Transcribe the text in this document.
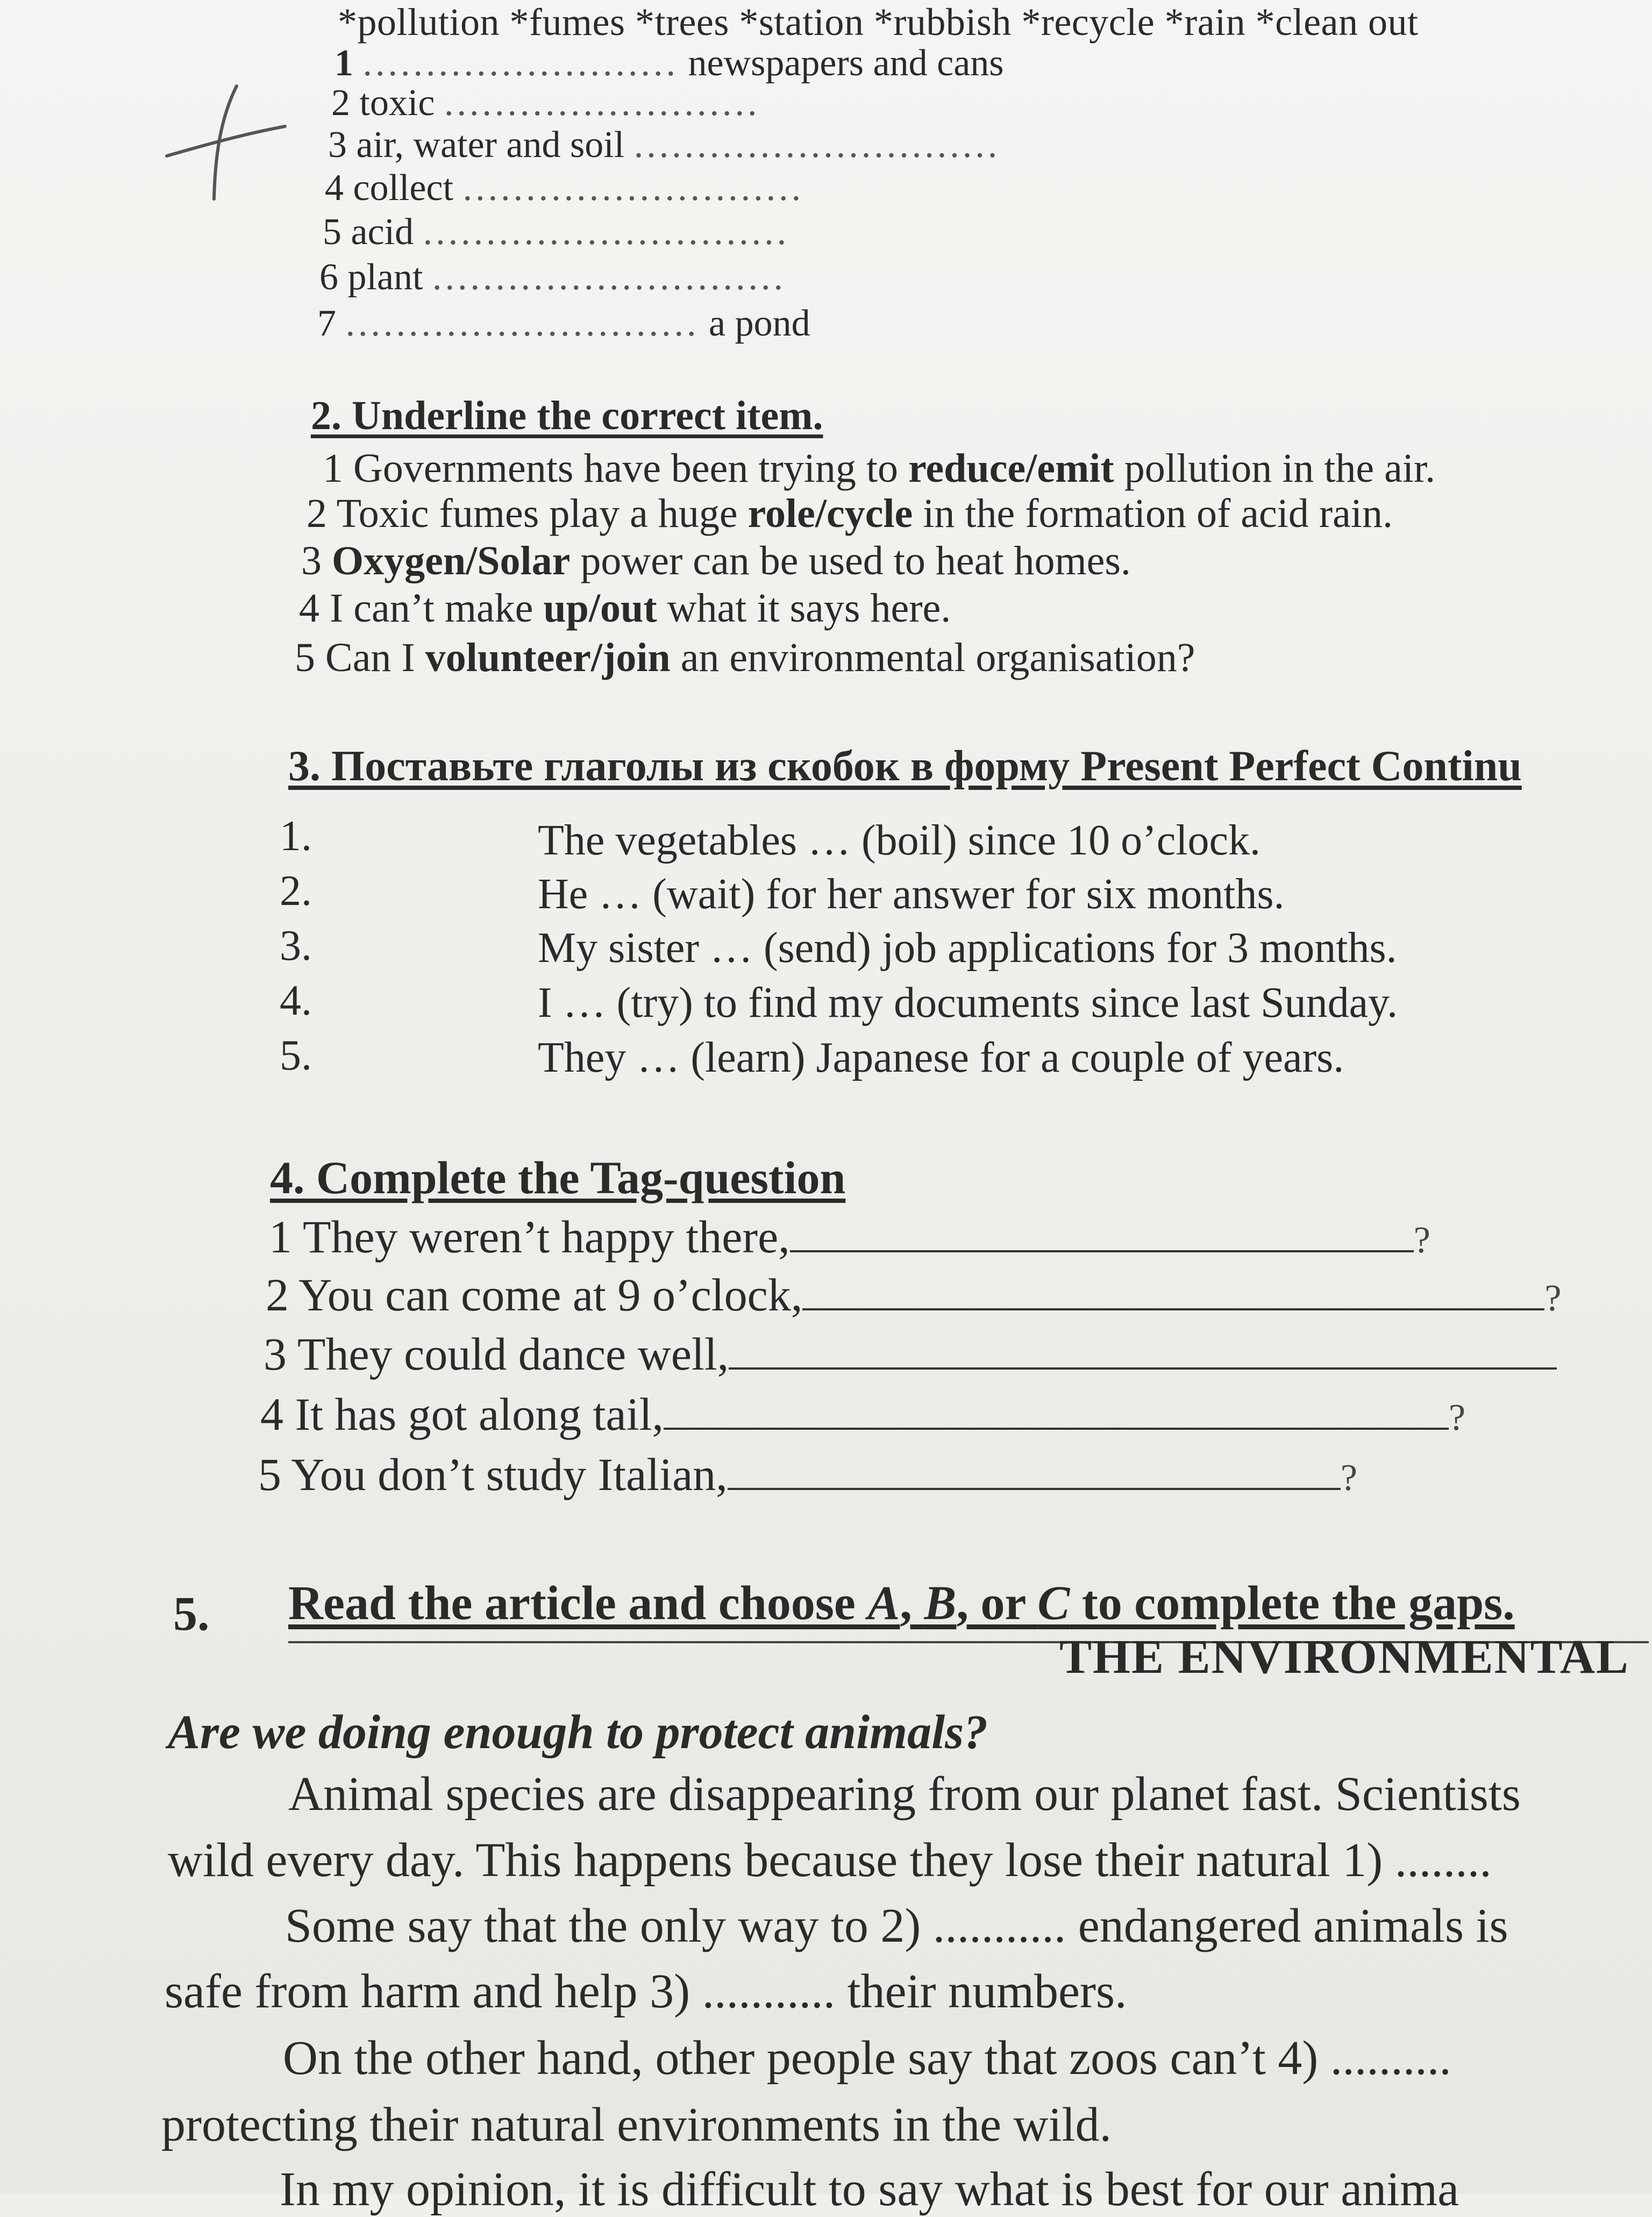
*pollution *fumes *trees *station *rubbish *recycle *rain *clean out
1 ......................... newspapers and cans
2 toxic .........................
3 air, water and soil .............................
4 collect ...........................
5 acid .............................
6 plant ............................
7 ............................ a pond
2. Underline the correct item.
1 Governments have been trying to reduce/emit pollution in the air.
2 Toxic fumes play a huge role/cycle in the formation of acid rain.
3 Oxygen/Solar power can be used to heat homes.
4 I can’t make up/out what it says here.
5 Can I volunteer/join an environmental organisation?
3. Поставьте глаголы из скобок в форму Present Perfect Continu
1.	The vegetables … (boil) since 10 o’clock.
2.	He … (wait) for her answer for six months.
3.	My sister … (send) job applications for 3 months.
4.	I … (try) to find my documents since last Sunday.
5.	They … (learn) Japanese for a couple of years.
4. Complete the Tag-question
1 They weren’t happy there,	?
2 You can come at 9 o’clock,	?
3 They could dance well,
4 It has got along tail,	?
5 You don’t study Italian,	?
5. Read the article and choose A, B, or C to complete the gaps.
THE ENVIRONMENTAL
Are we doing enough to protect animals?
Animal species are disappearing from our planet fast. Scientists
wild every day. This happens because they lose their natural 1) ........
Some say that the only way to 2) ........... endangered animals is
safe from harm and help 3) ........... their numbers.
On the other hand, other people say that zoos can’t 4) ..........
protecting their natural environments in the wild.
In my opinion, it is difficult to say what is best for our anima
